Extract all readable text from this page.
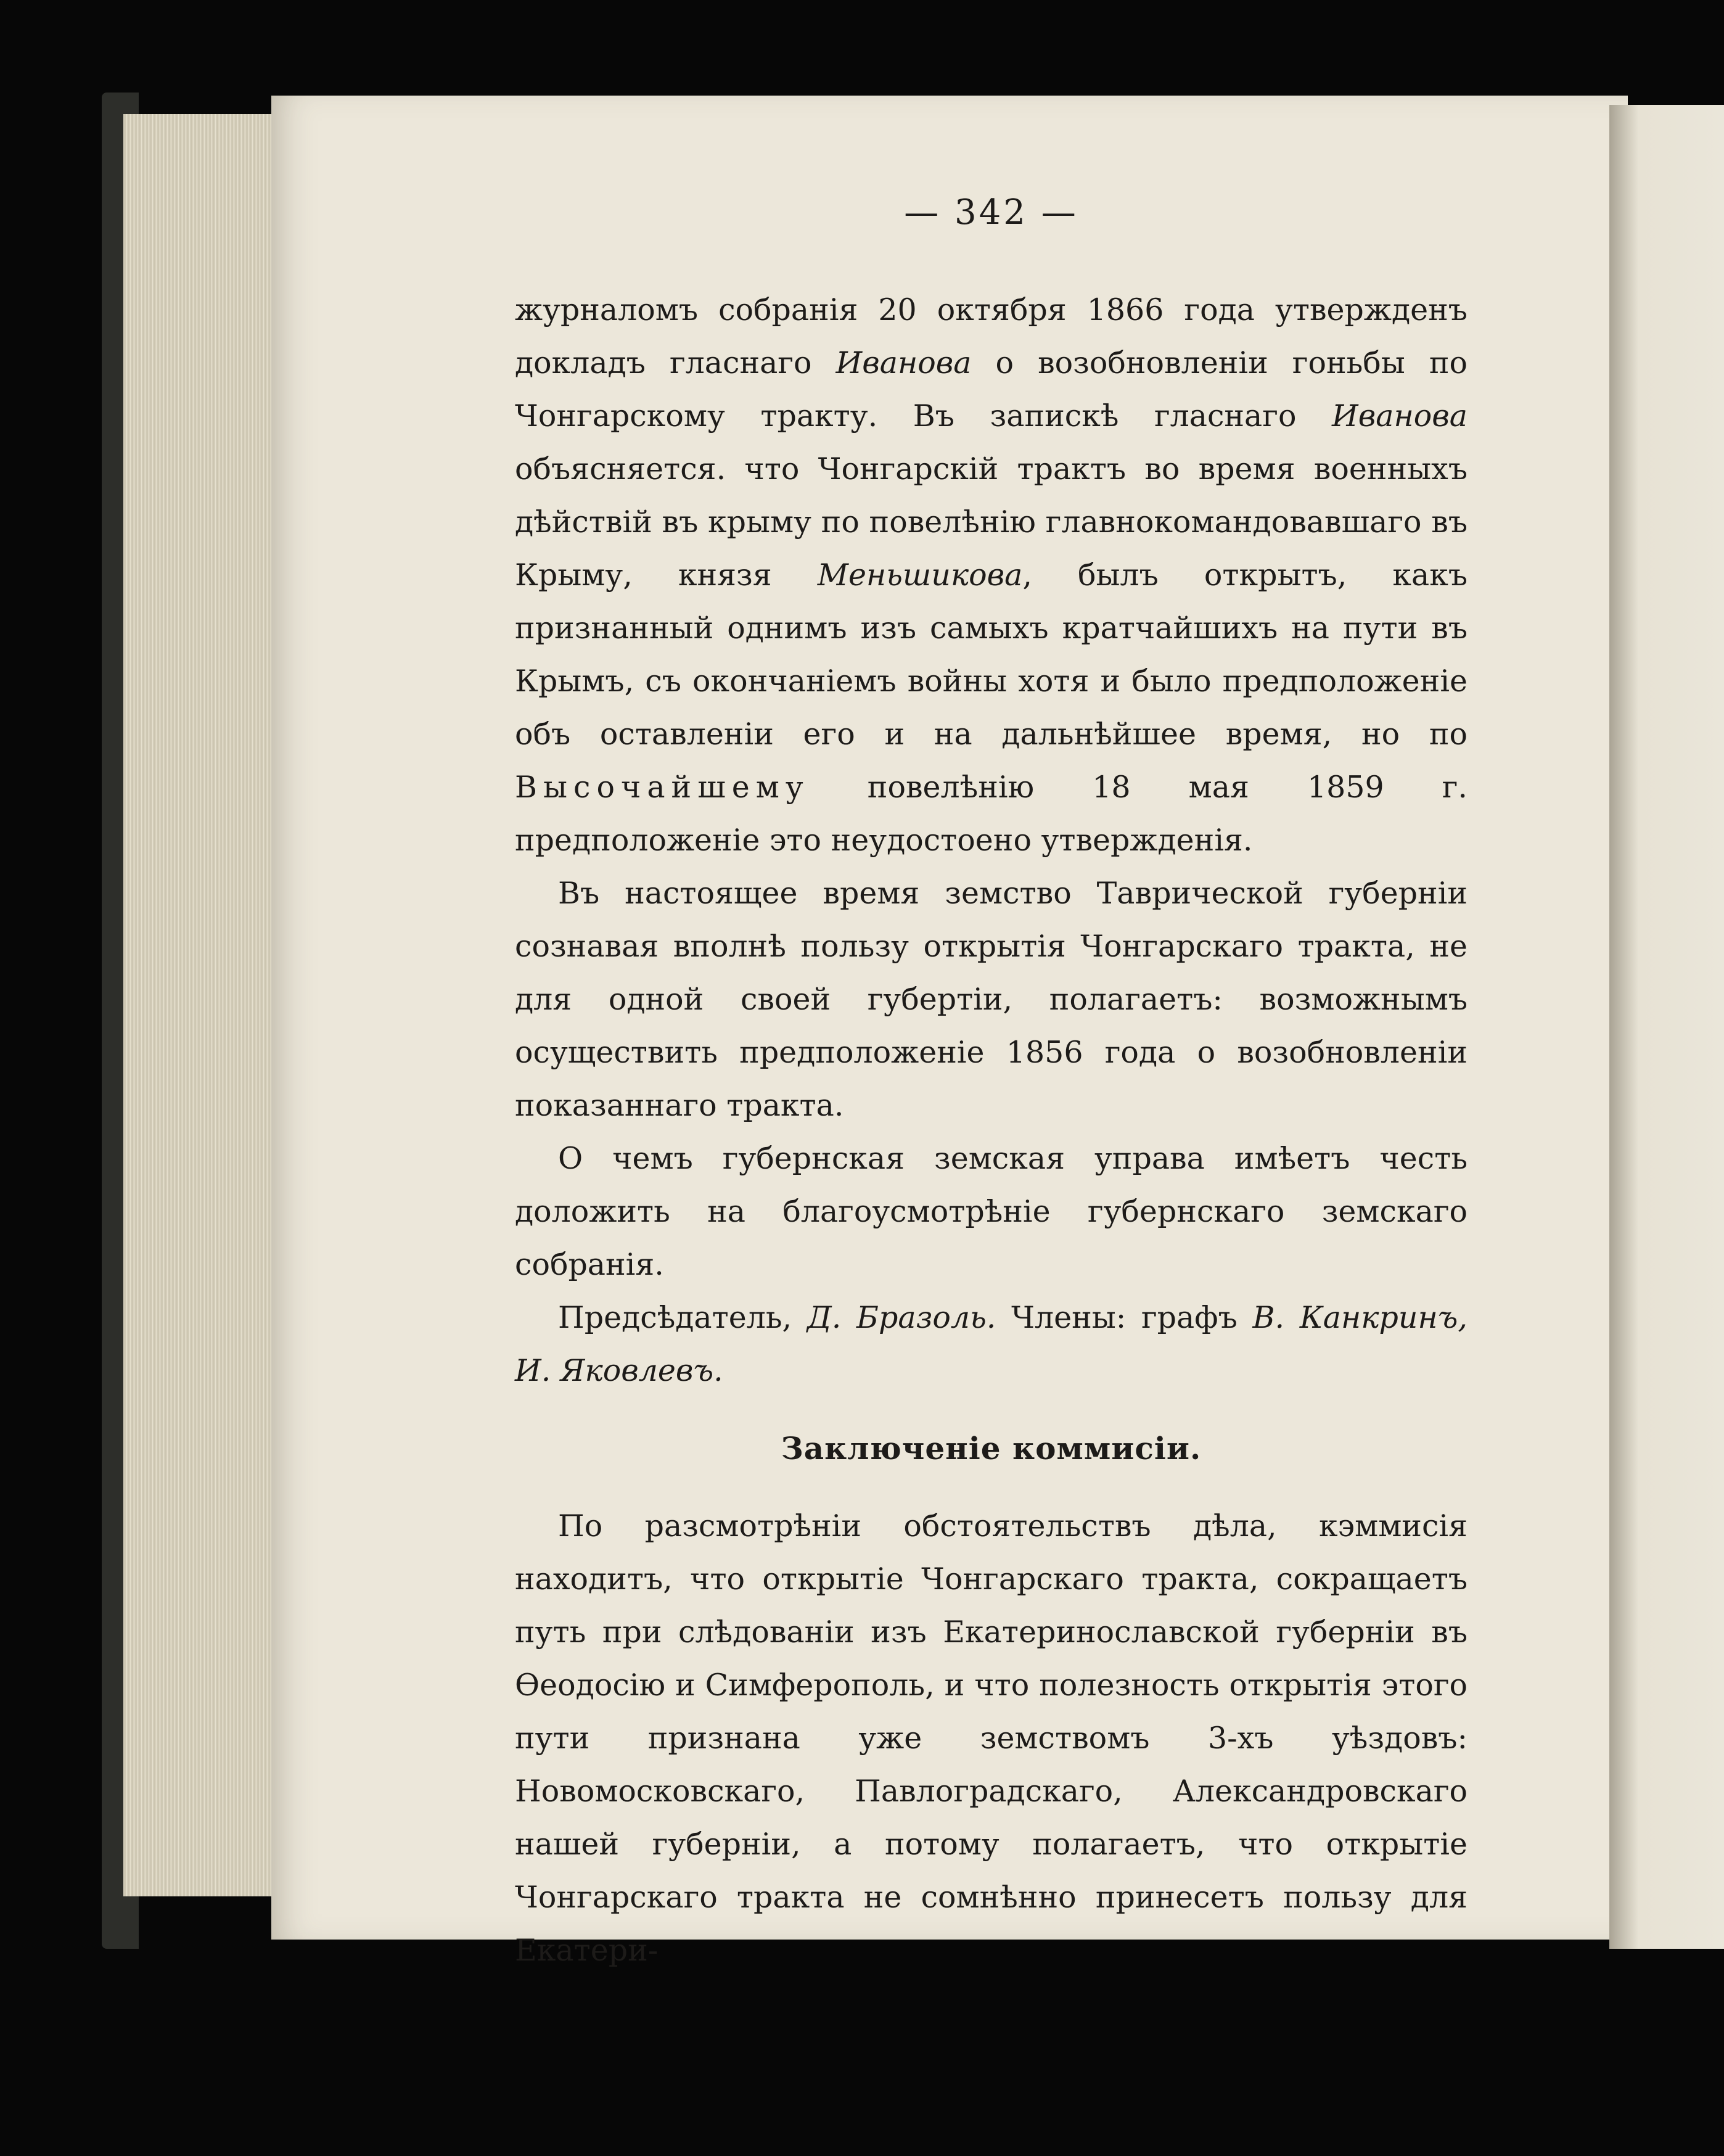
— 342 —

журналомъ собранія 20 октября 1866 года утвержденъ докладъ гласнаго Иванова о возобновленіи гоньбы по Чонгарскому тракту. Въ запискѣ гласнаго Иванова объясняется. что Чонгарскій трактъ во время военныхъ дѣйствій въ крыму по повелѣнію главнокомандовавшаго въ Крыму, князя Меньшикова, былъ открытъ, какъ признанный однимъ изъ самыхъ кратчайшихъ на пути въ Крымъ, съ окончаніемъ войны хотя и было предположеніе объ оставленіи его и на дальнѣйшее время, но по Высочайшему повелѣнію 18 мая 1859 г. предположеніе это неудостоено утвержденія.

Въ настоящее время земство Таврической губерніи сознавая вполнѣ пользу открытія Чонгарскаго тракта, не для одной своей губертіи, полагаетъ: возможнымъ осуществить предположеніе 1856 года о возобновленіи показаннаго тракта.

О чемъ губернская земская управа имѣетъ честь доложить на благоусмотрѣніе губернскаго земскаго собранія.

Предсѣдатель, Д. Бразоль. Члены: графъ В. Канкринъ, И. Яковлевъ.

Заключеніе коммисіи.

По разсмотрѣніи обстоятельствъ дѣла, кэммисія находитъ, что открытіе Чонгарскаго тракта, сокращаетъ путь при слѣдованіи изъ Екатеринославской губерніи въ Ѳеодосію и Симферополь, и что полезность открытія этого пути признана уже земствомъ 3-хъ уѣздовъ: Новомосковскаго, Павлоградскаго, Александровскаго нашей губерніи, а потому полагаетъ, что открытіе Чонгарскаго тракта не сомнѣнно принесетъ пользу для Екатери-
